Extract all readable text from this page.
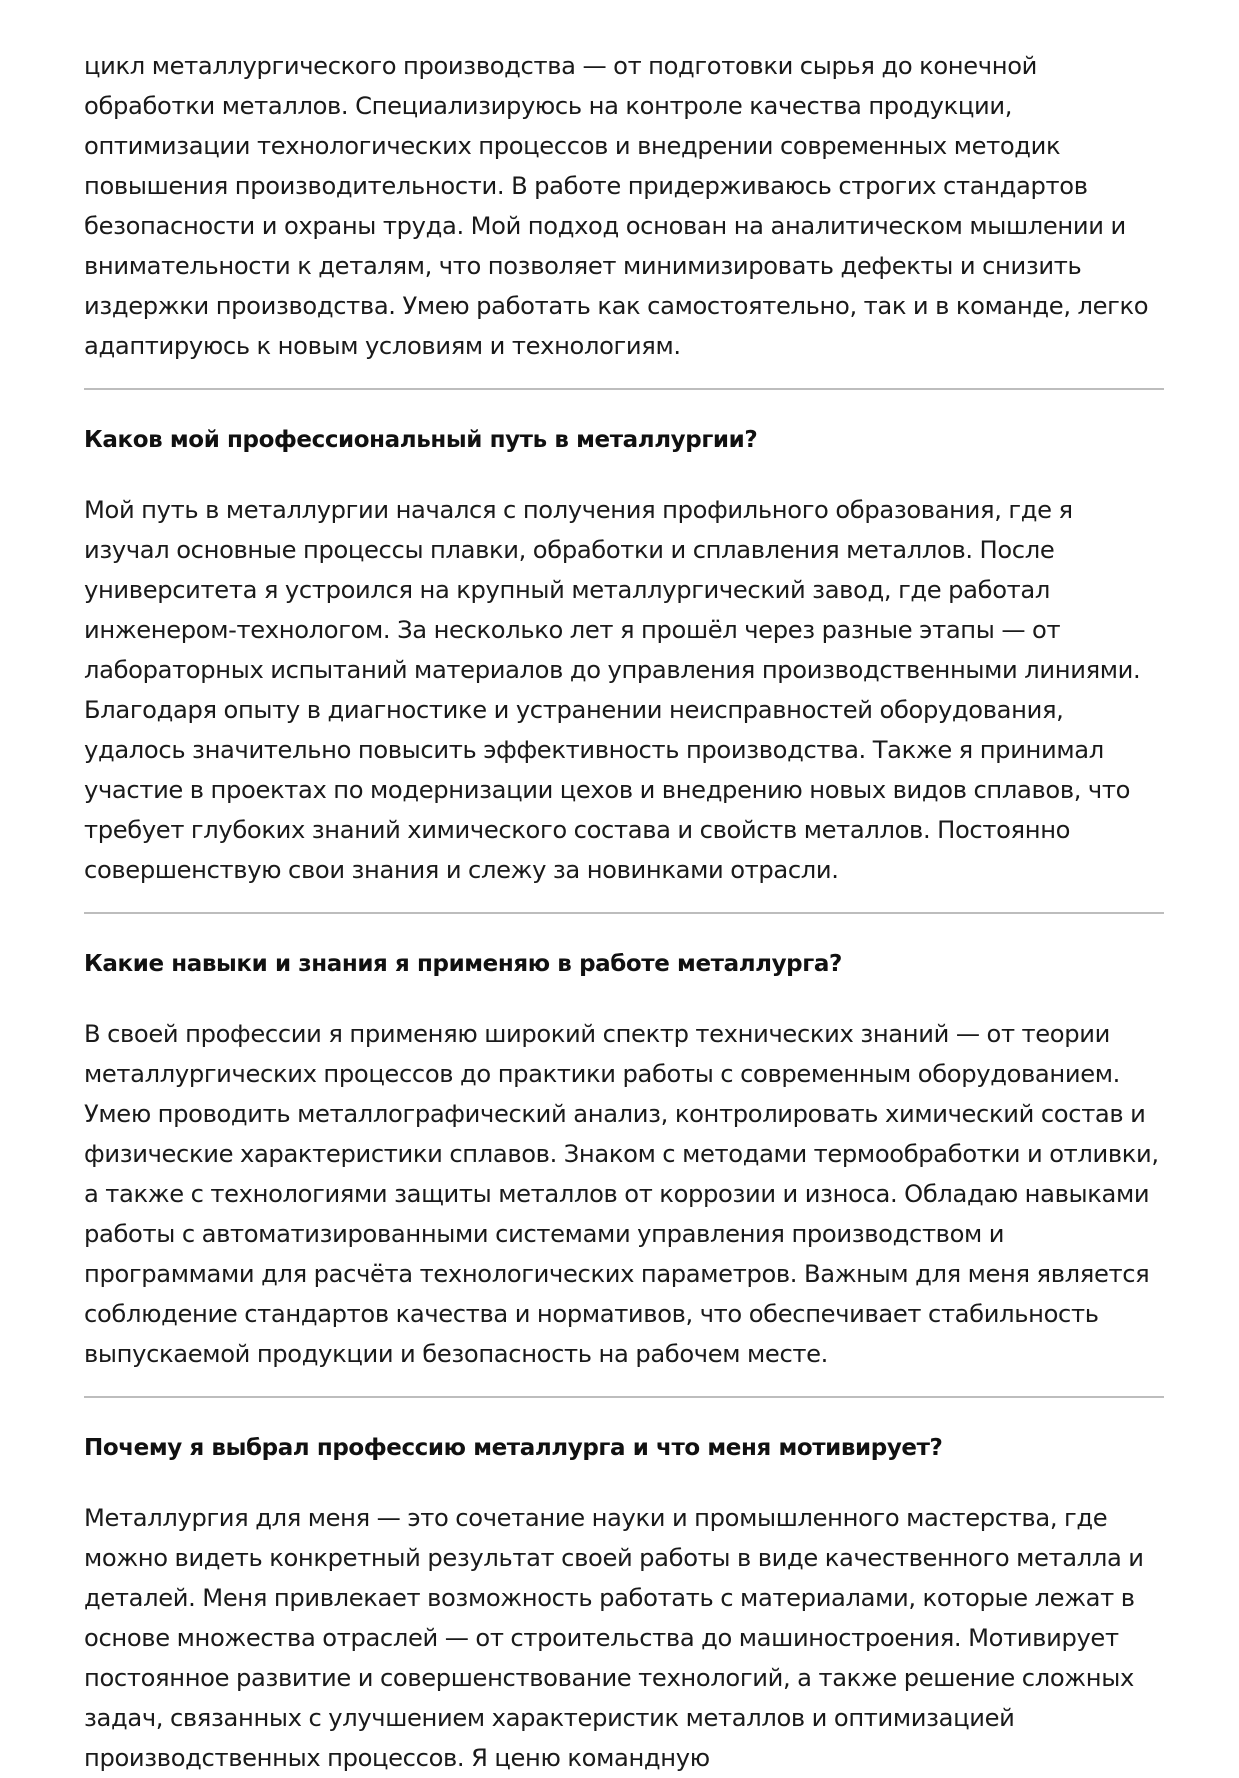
цикл металлургического производства — от подготовки сырья до конечной обработки металлов. Специализируюсь на контроле качества продукции, оптимизации технологических процессов и внедрении современных методик повышения производительности. В работе придерживаюсь строгих стандартов безопасности и охраны труда. Мой подход основан на аналитическом мышлении и внимательности к деталям, что позволяет минимизировать дефекты и снизить издержки производства. Умею работать как самостоятельно, так и в команде, легко адаптируюсь к новым условиям и технологиям.

Каков мой профессиональный путь в металлургии?

Мой путь в металлургии начался с получения профильного образования, где я изучал основные процессы плавки, обработки и сплавления металлов. После университета я устроился на крупный металлургический завод, где работал инженером-технологом. За несколько лет я прошёл через разные этапы — от лабораторных испытаний материалов до управления производственными линиями. Благодаря опыту в диагностике и устранении неисправностей оборудования, удалось значительно повысить эффективность производства. Также я принимал участие в проектах по модернизации цехов и внедрению новых видов сплавов, что требует глубоких знаний химического состава и свойств металлов. Постоянно совершенствую свои знания и слежу за новинками отрасли.

Какие навыки и знания я применяю в работе металлурга?

В своей профессии я применяю широкий спектр технических знаний — от теории металлургических процессов до практики работы с современным оборудованием. Умею проводить металлографический анализ, контролировать химический состав и физические характеристики сплавов. Знаком с методами термообработки и отливки, а также с технологиями защиты металлов от коррозии и износа. Обладаю навыками работы с автоматизированными системами управления производством и программами для расчёта технологических параметров. Важным для меня является соблюдение стандартов качества и нормативов, что обеспечивает стабильность выпускаемой продукции и безопасность на рабочем месте.

Почему я выбрал профессию металлурга и что меня мотивирует?

Металлургия для меня — это сочетание науки и промышленного мастерства, где можно видеть конкретный результат своей работы в виде качественного металла и деталей. Меня привлекает возможность работать с материалами, которые лежат в основе множества отраслей — от строительства до машиностроения. Мотивирует постоянное развитие и совершенствование технологий, а также решение сложных задач, связанных с улучшением характеристик металлов и оптимизацией производственных процессов. Я ценю командную
